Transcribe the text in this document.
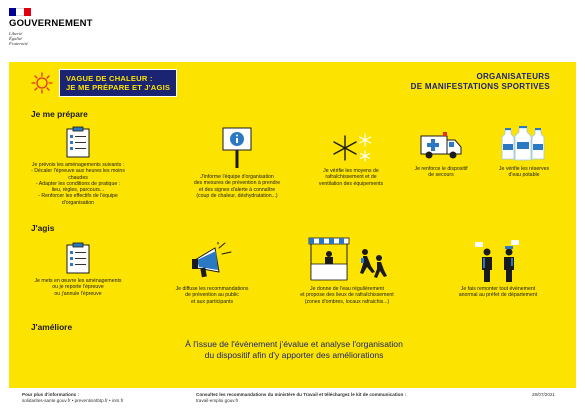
GOUVERNEMENT
Liberté
Égalité
Fraternité
VAGUE DE CHALEUR :
JE ME PRÉPARE ET J'AGIS
ORGANISATEURS
DE MANIFESTATIONS SPORTIVES
Je me prépare

Je prévois les aménagements suivants :

- Décaler l'épreuve aux heures les moins chaudes

- Adapter les conditions de pratique :

lieu, règles, parcours...

- Renforcer les effectifs de l'équipe d'organisation

J'informe l'équipe d'organisation

des mesures de prévention à prendre

et des signes d'alerte à connaître

(coup de chaleur, déshydratation...)

Je vérifie les moyens de

rafraîchissement et de

ventilation des équipements

Je renforce le dispositif

de secours

Je vérifie les réserves

d'eau potable

J'agis

Je mets en œuvre les aménagements

ou je reporte l'épreuve

ou j'annule l'épreuve

Je diffuse les recommandations

de prévention au public

et aux participants

Je donne de l'eau régulièrement

et propose des lieux de rafraîchissement

(zones d'ombres, locaux rafraichis...)

Je fais remonter tout évènement

anormal au préfet de département

J'améliore
À l'issue de l'évènement j'évalue et analyse l'organisation
du dispositif afin d'y apporter des améliorations
Pour plus d'informations :
solidarites-sante.gouv.fr • preventiontbtp.fr • inrs.fr
Consultez les recommandations du ministère du Travail et téléchargez le kit de communication :
travail-emploi.gouv.fr
28/07/2021
